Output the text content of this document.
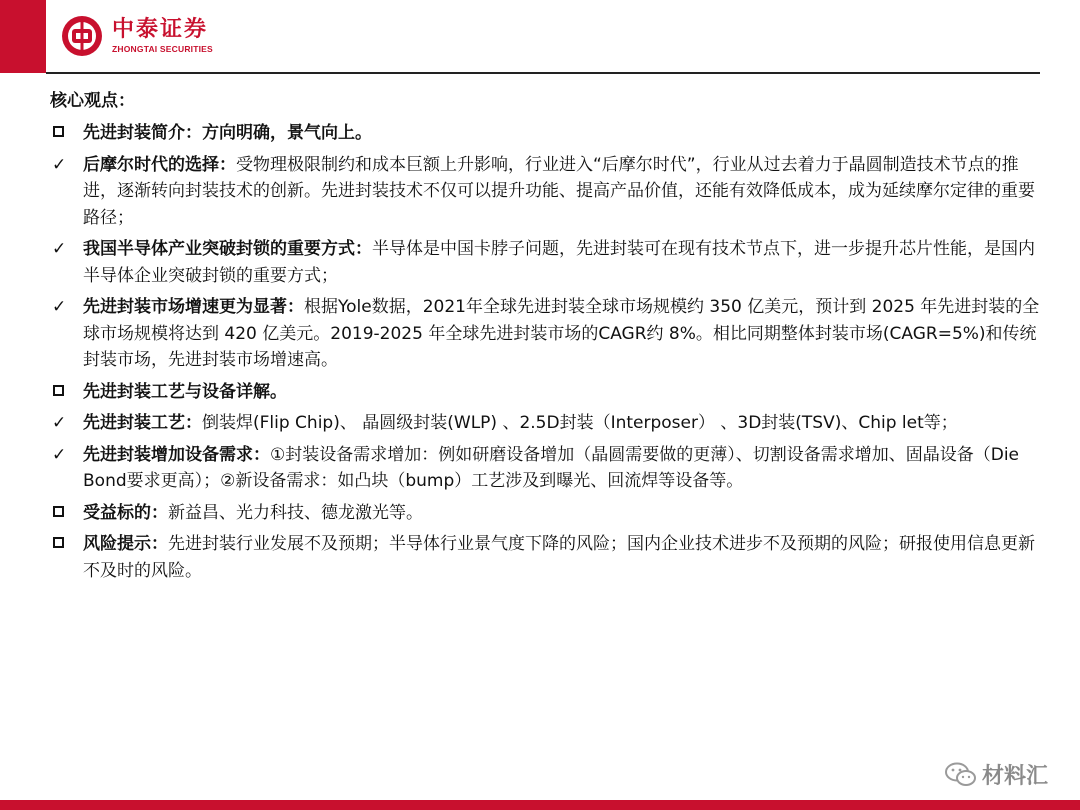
中泰证券
ZHONGTAI SECURITIES
核心观点：
先进封装简介：方向明确，景气向上。
✓ 后摩尔时代的选择：受物理极限制约和成本巨额上升影响，行业进入“后摩尔时代”，行业从过去着力于晶圆制造技术节点的推进，逐渐转向封装技术的创新。先进封装技术不仅可以提升功能、提高产品价值，还能有效降低成本，成为延续摩尔定律的重要路径；
✓ 我国半导体产业突破封锁的重要方式：半导体是中国卡脖子问题，先进封装可在现有技术节点下，进一步提升芯片性能，是国内半导体企业突破封锁的重要方式；
✓ 先进封装市场增速更为显著：根据Yole数据，2021年全球先进封装全球市场规模约 350 亿美元，预计到 2025 年先进封装的全球市场规模将达到 420 亿美元。2019-2025 年全球先进封装市场的CAGR约 8%。相比同期整体封装市场(CAGR=5%)和传统封装市场，先进封装市场增速高。
先进封装工艺与设备详解。
✓ 先进封装工艺：倒装焊(Flip Chip)、 晶圆级封装(WLP) 、2.5D封装（Interposer） 、3D封装(TSV)、Chip let等；
✓ 先进封装增加设备需求：①封装设备需求增加：例如研磨设备增加（晶圆需要做的更薄）、切割设备需求增加、固晶设备（Die Bond要求更高）；②新设备需求：如凸块（bump）工艺涉及到曝光、回流焊等设备等。
受益标的：新益昌、光力科技、德龙激光等。
风险提示：先进封装行业发展不及预期；半导体行业景气度下降的风险；国内企业技术进步不及预期的风险；研报使用信息更新不及时的风险。
材料汇
